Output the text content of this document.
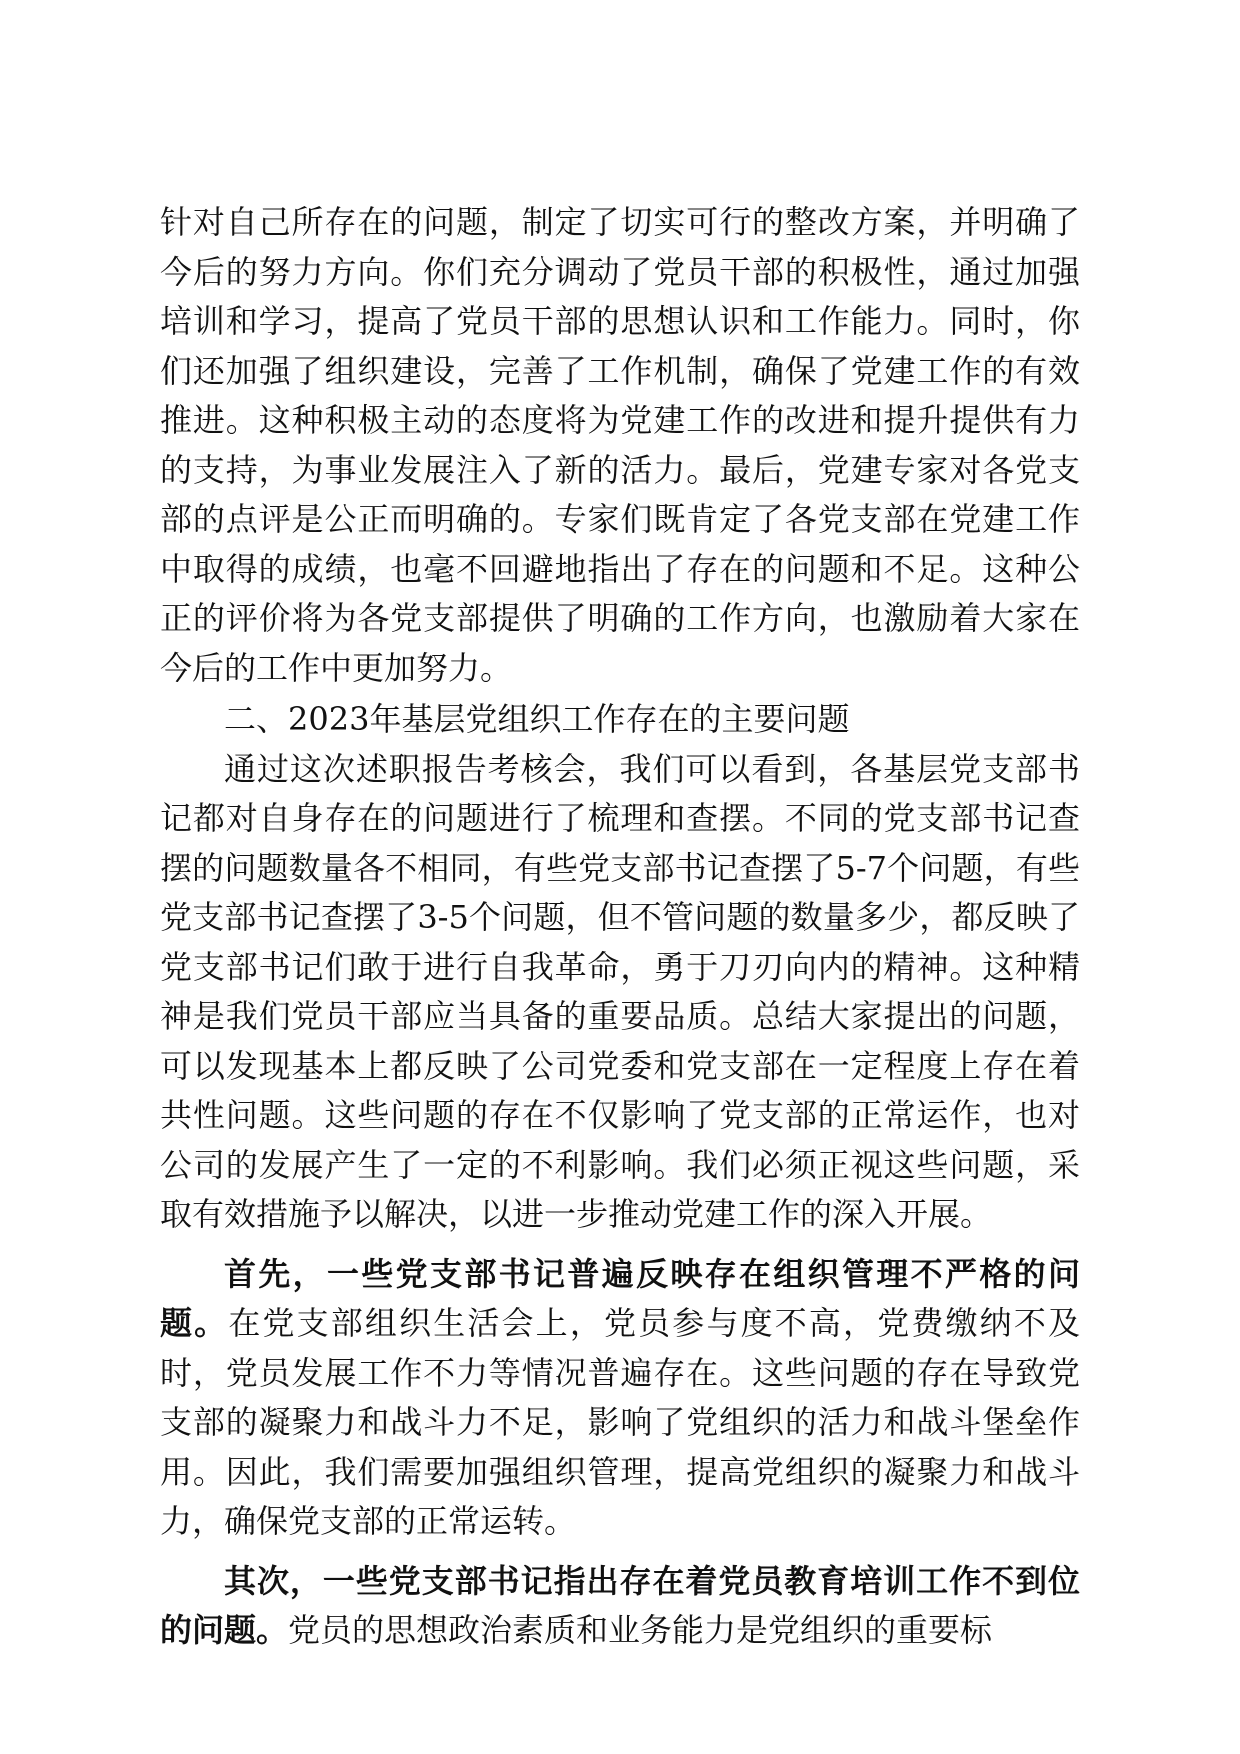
针对自己所存在的问题，制定了切实可行的整改方案，并明确了今后的努力方向。你们充分调动了党员干部的积极性，通过加强培训和学习，提高了党员干部的思想认识和工作能力。同时，你们还加强了组织建设，完善了工作机制，确保了党建工作的有效推进。这种积极主动的态度将为党建工作的改进和提升提供有力的支持，为事业发展注入了新的活力。最后，党建专家对各党支部的点评是公正而明确的。专家们既肯定了各党支部在党建工作中取得的成绩，也毫不回避地指出了存在的问题和不足。这种公正的评价将为各党支部提供了明确的工作方向，也激励着大家在今后的工作中更加努力。

二、2023年基层党组织工作存在的主要问题

通过这次述职报告考核会，我们可以看到，各基层党支部书记都对自身存在的问题进行了梳理和查摆。不同的党支部书记查摆的问题数量各不相同，有些党支部书记查摆了5-7个问题，有些党支部书记查摆了3-5个问题，但不管问题的数量多少，都反映了党支部书记们敢于进行自我革命，勇于刀刃向内的精神。这种精神是我们党员干部应当具备的重要品质。总结大家提出的问题，可以发现基本上都反映了公司党委和党支部在一定程度上存在着共性问题。这些问题的存在不仅影响了党支部的正常运作，也对公司的发展产生了一定的不利影响。我们必须正视这些问题，采取有效措施予以解决，以进一步推动党建工作的深入开展。

首先，一些党支部书记普遍反映存在组织管理不严格的问题。在党支部组织生活会上，党员参与度不高，党费缴纳不及时，党员发展工作不力等情况普遍存在。这些问题的存在导致党支部的凝聚力和战斗力不足，影响了党组织的活力和战斗堡垒作用。因此，我们需要加强组织管理，提高党组织的凝聚力和战斗力，确保党支部的正常运转。

其次，一些党支部书记指出存在着党员教育培训工作不到位的问题。党员的思想政治素质和业务能力是党组织的重要标
